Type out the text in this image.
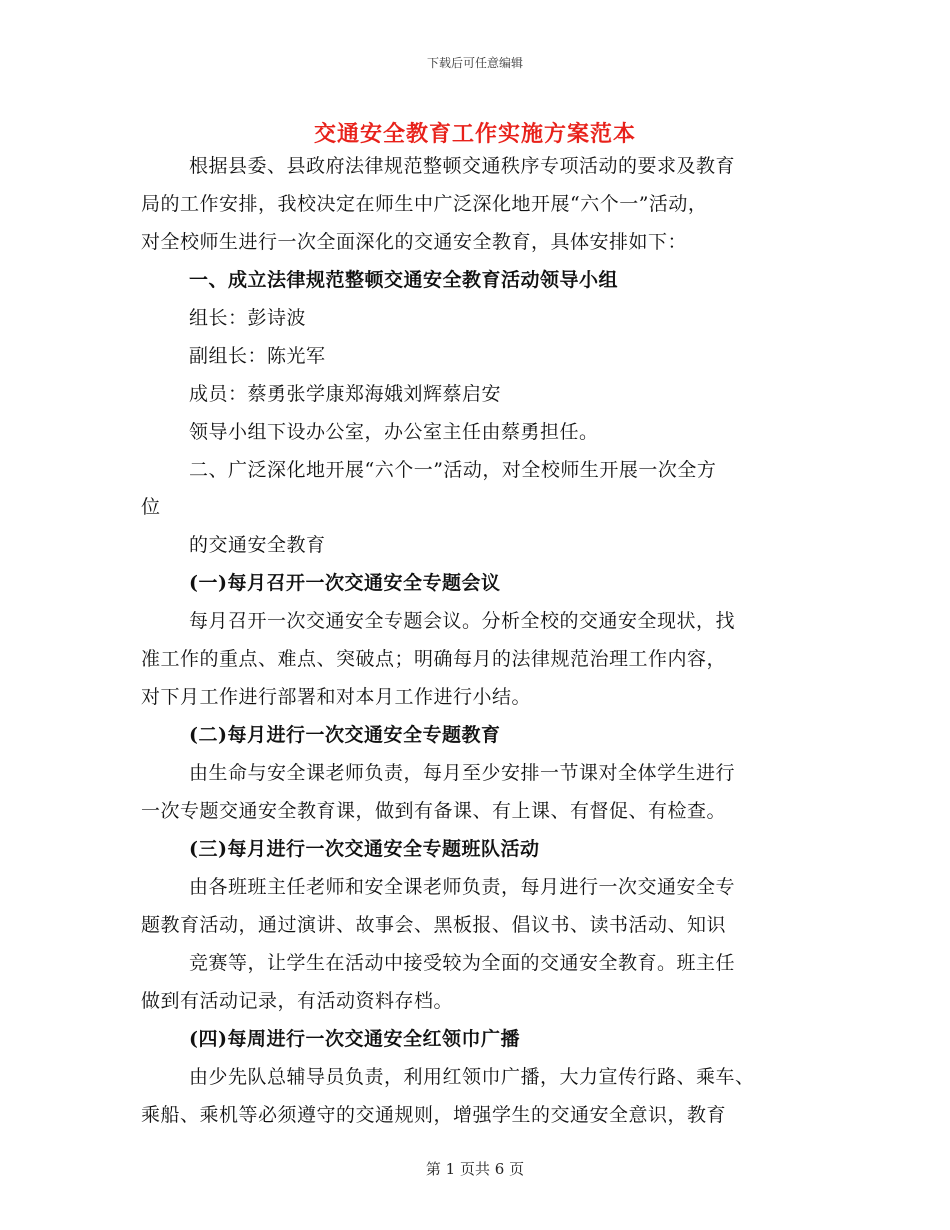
下载后可任意编辑
交通安全教育工作实施方案范本
根据县委、县政府法律规范整顿交通秩序专项活动的要求及教育
局的工作安排，我校决定在师生中广泛深化地开展“六个一”活动，
对全校师生进行一次全面深化的交通安全教育，具体安排如下：
一、成立法律规范整顿交通安全教育活动领导小组
组长：彭诗波
副组长：陈光军
成员：蔡勇张学康郑海娥刘辉蔡启安
领导小组下设办公室，办公室主任由蔡勇担任。
二、广泛深化地开展“六个一”活动，对全校师生开展一次全方
位
的交通安全教育
(一)每月召开一次交通安全专题会议
每月召开一次交通安全专题会议。分析全校的交通安全现状，找
准工作的重点、难点、突破点；明确每月的法律规范治理工作内容，
对下月工作进行部署和对本月工作进行小结。
(二)每月进行一次交通安全专题教育
由生命与安全课老师负责，每月至少安排一节课对全体学生进行
一次专题交通安全教育课，做到有备课、有上课、有督促、有检查。
(三)每月进行一次交通安全专题班队活动
由各班班主任老师和安全课老师负责，每月进行一次交通安全专
题教育活动，通过演讲、故事会、黑板报、倡议书、读书活动、知识
竞赛等，让学生在活动中接受较为全面的交通安全教育。班主任
做到有活动记录，有活动资料存档。
(四)每周进行一次交通安全红领巾广播
由少先队总辅导员负责，利用红领巾广播，大力宣传行路、乘车、
乘船、乘机等必须遵守的交通规则，增强学生的交通安全意识，教育
第 1 页共 6 页
